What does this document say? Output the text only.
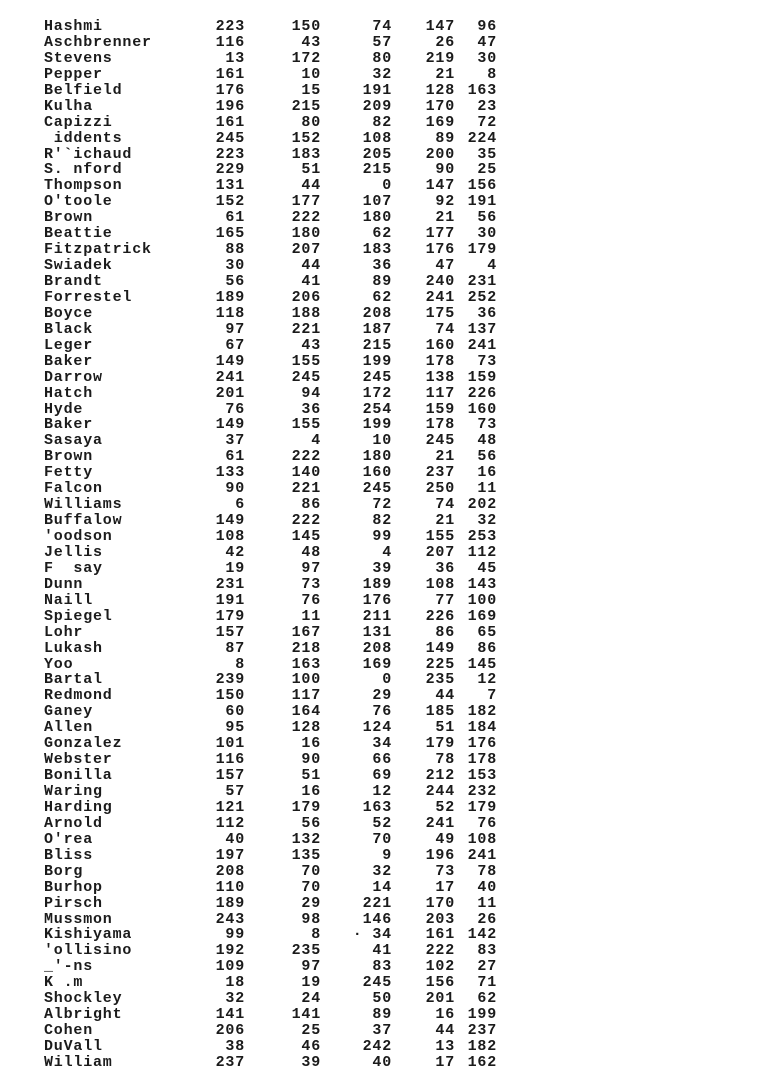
Hashmi	223	150	74	147	96
Aschbrenner	116	43	57	26	47
Stevens	13	172	80	219	30
Pepper	161	10	32	21	8
Belfield	176	15	191	128 163
Kulha	196	215	209	170	23
Capizzi	161	80	82	169	72
iddents	245	152	108	89 224
R'`ichaud	223	183	205	200	35
S. nford	229	51	215	90	25
Thompson	131	44	0	147 156
O'toole	152	177	107	92 191
Brown	61	222	180	21	56
Beattie	165	180	62	177	30
Fitzpatrick	88	207	183	176 179
Swiadek	30	44	36	47	4
Brandt	56	41	89	240 231
Forrestel	189	206	62	241 252
Boyce	118	188	208	175	36
Black	97	221	187	74 137
Leger	67	43	215	160 241
Baker	149	155	199	178	73
Darrow	241	245	245	138 159
Hatch	201	94	172	117 226
Hyde	76	36	254	159 160
Baker	149	155	199	178	73
Sasaya	37	4	10	245	48
Brown	61	222	180	21	56
Fetty	133	140	160	237	16
Falcon	90	221	245	250	11
Williams	6	86	72	74 202
Buffalow	149	222	82	21	32
'oodson	108	145	99	155 253
Jellis	42	48	4	207 112
F  say	19	97	39	36	45
Dunn	231	73	189	108 143
Naill	191	76	176	77 100
Spiegel	179	11	211	226 169
Lohr	157	167	131	86	65
Lukash	87	218	208	149	86
Yoo	8	163	169	225 145
Bartal	239	100	0	235	12
Redmond	150	117	29	44	7
Ganey	60	164	76	185 182
Allen	95	128	124	51 184
Gonzalez	101	16	34	179 176
Webster	116	90	66	78 178
Bonilla	157	51	69	212 153
Waring	57	16	12	244 232
Harding	121	179	163	52 179
Arnold	112	56	52	241	76
O'rea	40	132	70	49 108
Bliss	197	135	9	196 241
Borg	208	70	32	73	78
Burhop	110	70	14	17	40
Pirsch	189	29	221	170	11
Mussmon	243	98	146	203	26
Kishiyama	99	8	· 34	161 142
'ollisino	192	235	41	222	83
_'-ns	109	97	83	102	27
K .m	18	19	245	156	71
Shockley	32	24	50	201	62
Albright	141	141	89	16 199
Cohen	206	25	37	44 237
DuVall	38	46	242	13 182
William	237	39	40	17 162
